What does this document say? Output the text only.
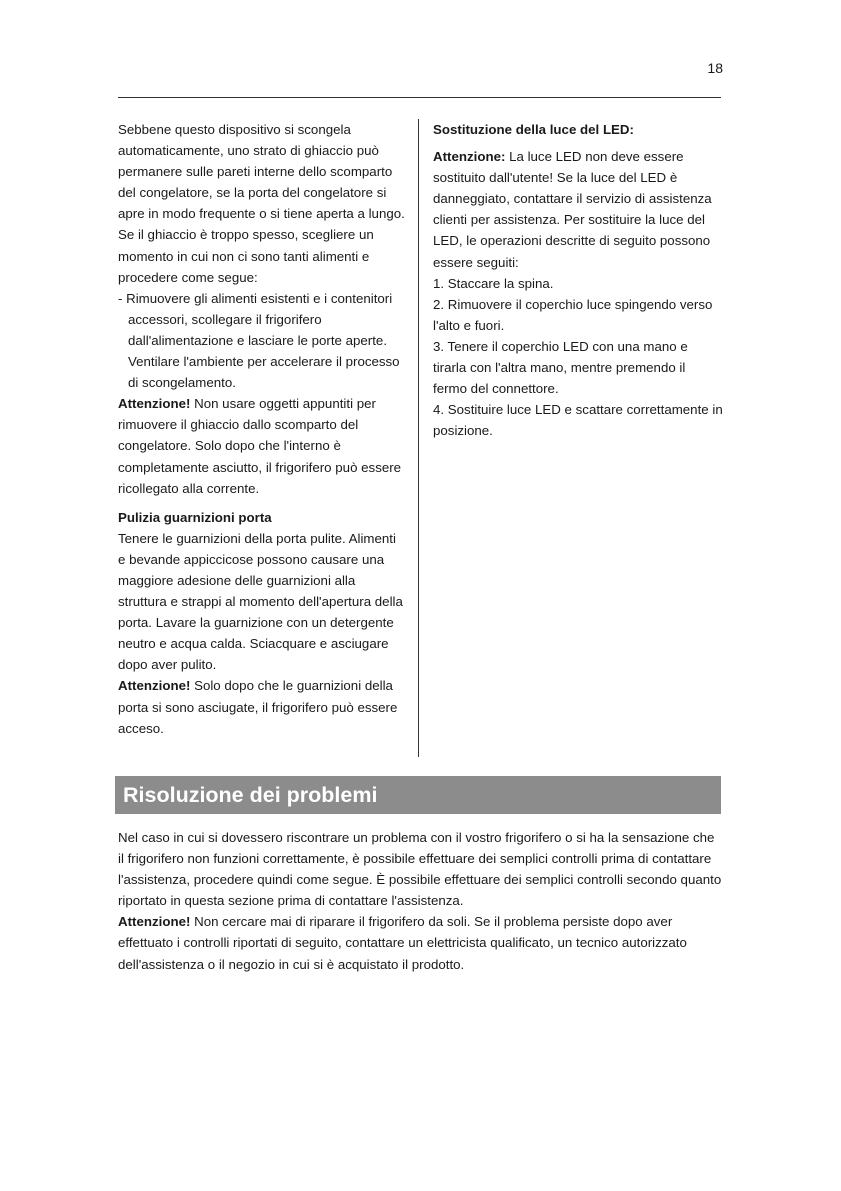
18

Sebbene questo dispositivo si scongela automaticamente, uno strato di ghiaccio può permanere sulle pareti interne dello scomparto del congelatore, se la porta del congelatore si apre in modo frequente o si tiene aperta a lungo. Se il ghiaccio è troppo spesso, scegliere un momento in cui non ci sono tanti alimenti e procedere come segue:

- Rimuovere gli alimenti esistenti e i contenitori accessori, scollegare il frigorifero dall'alimentazione e lasciare le porte aperte. Ventilare l'ambiente per accelerare il processo di scongelamento.

Attenzione! Non usare oggetti appuntiti per rimuovere il ghiaccio dallo scomparto del congelatore. Solo dopo che l'interno è completamente asciutto, il frigorifero può essere ricollegato alla corrente.

Pulizia guarnizioni porta

Tenere le guarnizioni della porta pulite. Alimenti e bevande appiccicose possono causare una maggiore adesione delle guarnizioni alla struttura e strappi al momento dell'apertura della porta. Lavare la guarnizione con un detergente neutro e acqua calda. Sciacquare e asciugare dopo aver pulito.

Attenzione! Solo dopo che le guarnizioni della porta si sono asciugate, il frigorifero può essere acceso.

Sostituzione della luce del LED:

Attenzione: La luce LED non deve essere sostituito dall'utente! Se la luce del LED è danneggiato, contattare il servizio di assistenza clienti per assistenza. Per sostituire la luce del LED, le operazioni descritte di seguito possono essere seguiti:

1. Staccare la spina.

2. Rimuovere il coperchio luce spingendo verso l'alto e fuori.

3. Tenere il coperchio LED con una mano e tirarla con l'altra mano, mentre premendo il fermo del connettore.

4. Sostituire luce LED e scattare correttamente in posizione.

Risoluzione dei problemi

Nel caso in cui si dovessero riscontrare un problema con il vostro frigorifero o si ha la sensazione che il frigorifero non funzioni correttamente, è possibile effettuare dei semplici controlli prima di contattare l'assistenza, procedere quindi come segue. È possibile effettuare dei semplici controlli secondo quanto riportato in questa sezione prima di contattare l'assistenza.

Attenzione! Non cercare mai di riparare il frigorifero da soli. Se il problema persiste dopo aver effettuato i controlli riportati di seguito, contattare un elettricista qualificato, un tecnico autorizzato dell'assistenza o il negozio in cui si è acquistato il prodotto.
